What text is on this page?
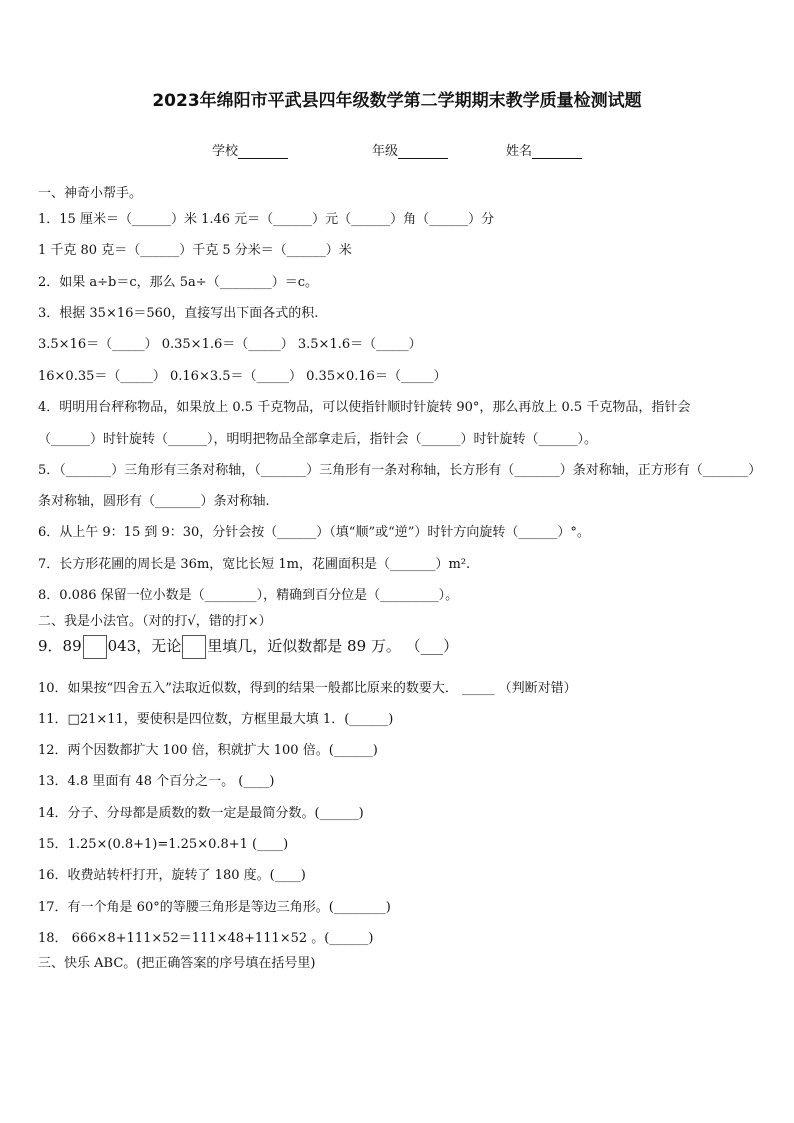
2023年绵阳市平武县四年级数学第二学期期末教学质量检测试题
学校	年级	姓名
一、神奇小帮手。
1．15 厘米＝（______）米 1.46 元＝（______）元（______）角（______）分
1 千克 80 克＝（______）千克 5 分米＝（______）米
2．如果 a÷b＝c，那么 5a÷（________）＝c。
3．根据 35×16＝560，直接写出下面各式的积.
3.5×16＝（_____） 0.35×1.6＝（_____） 3.5×1.6＝（_____）
16×0.35＝（_____） 0.16×3.5＝（_____） 0.35×0.16＝（_____）
4．明明用台秤称物品，如果放上 0.5 千克物品，可以使指针顺时针旋转 90°，那么再放上 0.5 千克物品，指针会
（______）时针旋转（______），明明把物品全部拿走后，指针会（______）时针旋转（______）。
5．（_______）三角形有三条对称轴，（_______）三角形有一条对称轴，长方形有（_______）条对称轴，正方形有（_______）
条对称轴，圆形有（_______）条对称轴.
6．从上午 9：15 到 9：30，分针会按（______）（填“顺”或“逆”）时针方向旋转（______）°。
7．长方形花圃的周长是 36m，宽比长短 1m，花圃面积是（_______）m².
8．0.086 保留一位小数是（________），精确到百分位是（_________）。
二、我是小法官。（对的打√，错的打×）
9．89 043，无论 里填几，近似数都是 89 万。 （___）
10．如果按“四舍五入”法取近似数，得到的结果一般都比原来的数要大． _____ （判断对错）
11．□21×11，要使积是四位数，方框里最大填 1．(______)
12．两个因数都扩大 100 倍，积就扩大 100 倍。(______)
13．4.8 里面有 48 个百分之一。 (____)
14．分子、分母都是质数的数一定是最简分数。(______)
15．1.25×(0.8+1)=1.25×0.8+1 (____)
16．收费站转杆打开，旋转了 180 度。(____)
17．有一个角是 60°的等腰三角形是等边三角形。(________)
18． 666×8+111×52＝111×48+111×52 。(______)
三、快乐 ABC。(把正确答案的序号填在括号里)
